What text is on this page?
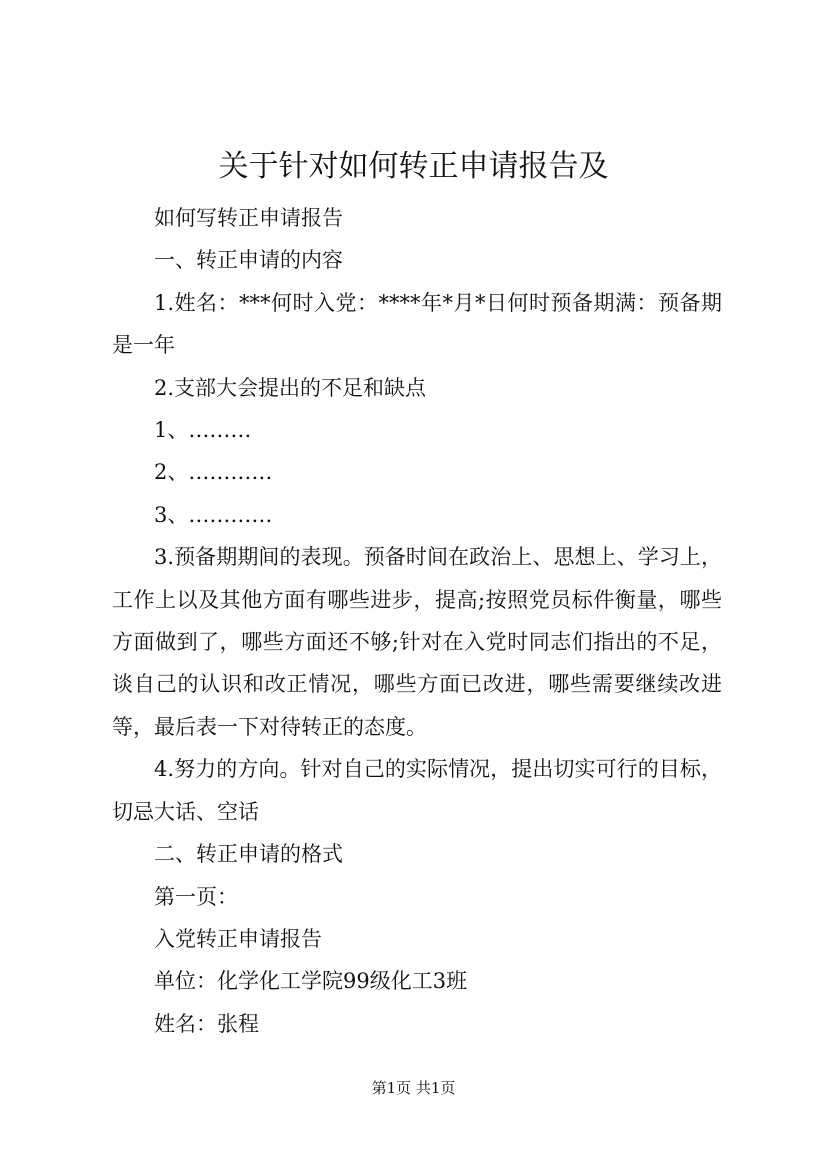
关于针对如何转正申请报告及

如何写转正申请报告

一、转正申请的内容

1.姓名：***何时入党：****年*月*日何时预备期满：预备期是一年

2.支部大会提出的不足和缺点

1、………

2、…………

3、…………

3.预备期期间的表现。预备时间在政治上、思想上、学习上，工作上以及其他方面有哪些进步，提高;按照党员标件衡量，哪些方面做到了，哪些方面还不够;针对在入党时同志们指出的不足，谈自己的认识和改正情况，哪些方面已改进，哪些需要继续改进等，最后表一下对待转正的态度。

4.努力的方向。针对自己的实际情况，提出切实可行的目标，切忌大话、空话

二、转正申请的格式

第一页：

入党转正申请报告

单位：化学化工学院99级化工3班

姓名：张程

第1页 共1页
